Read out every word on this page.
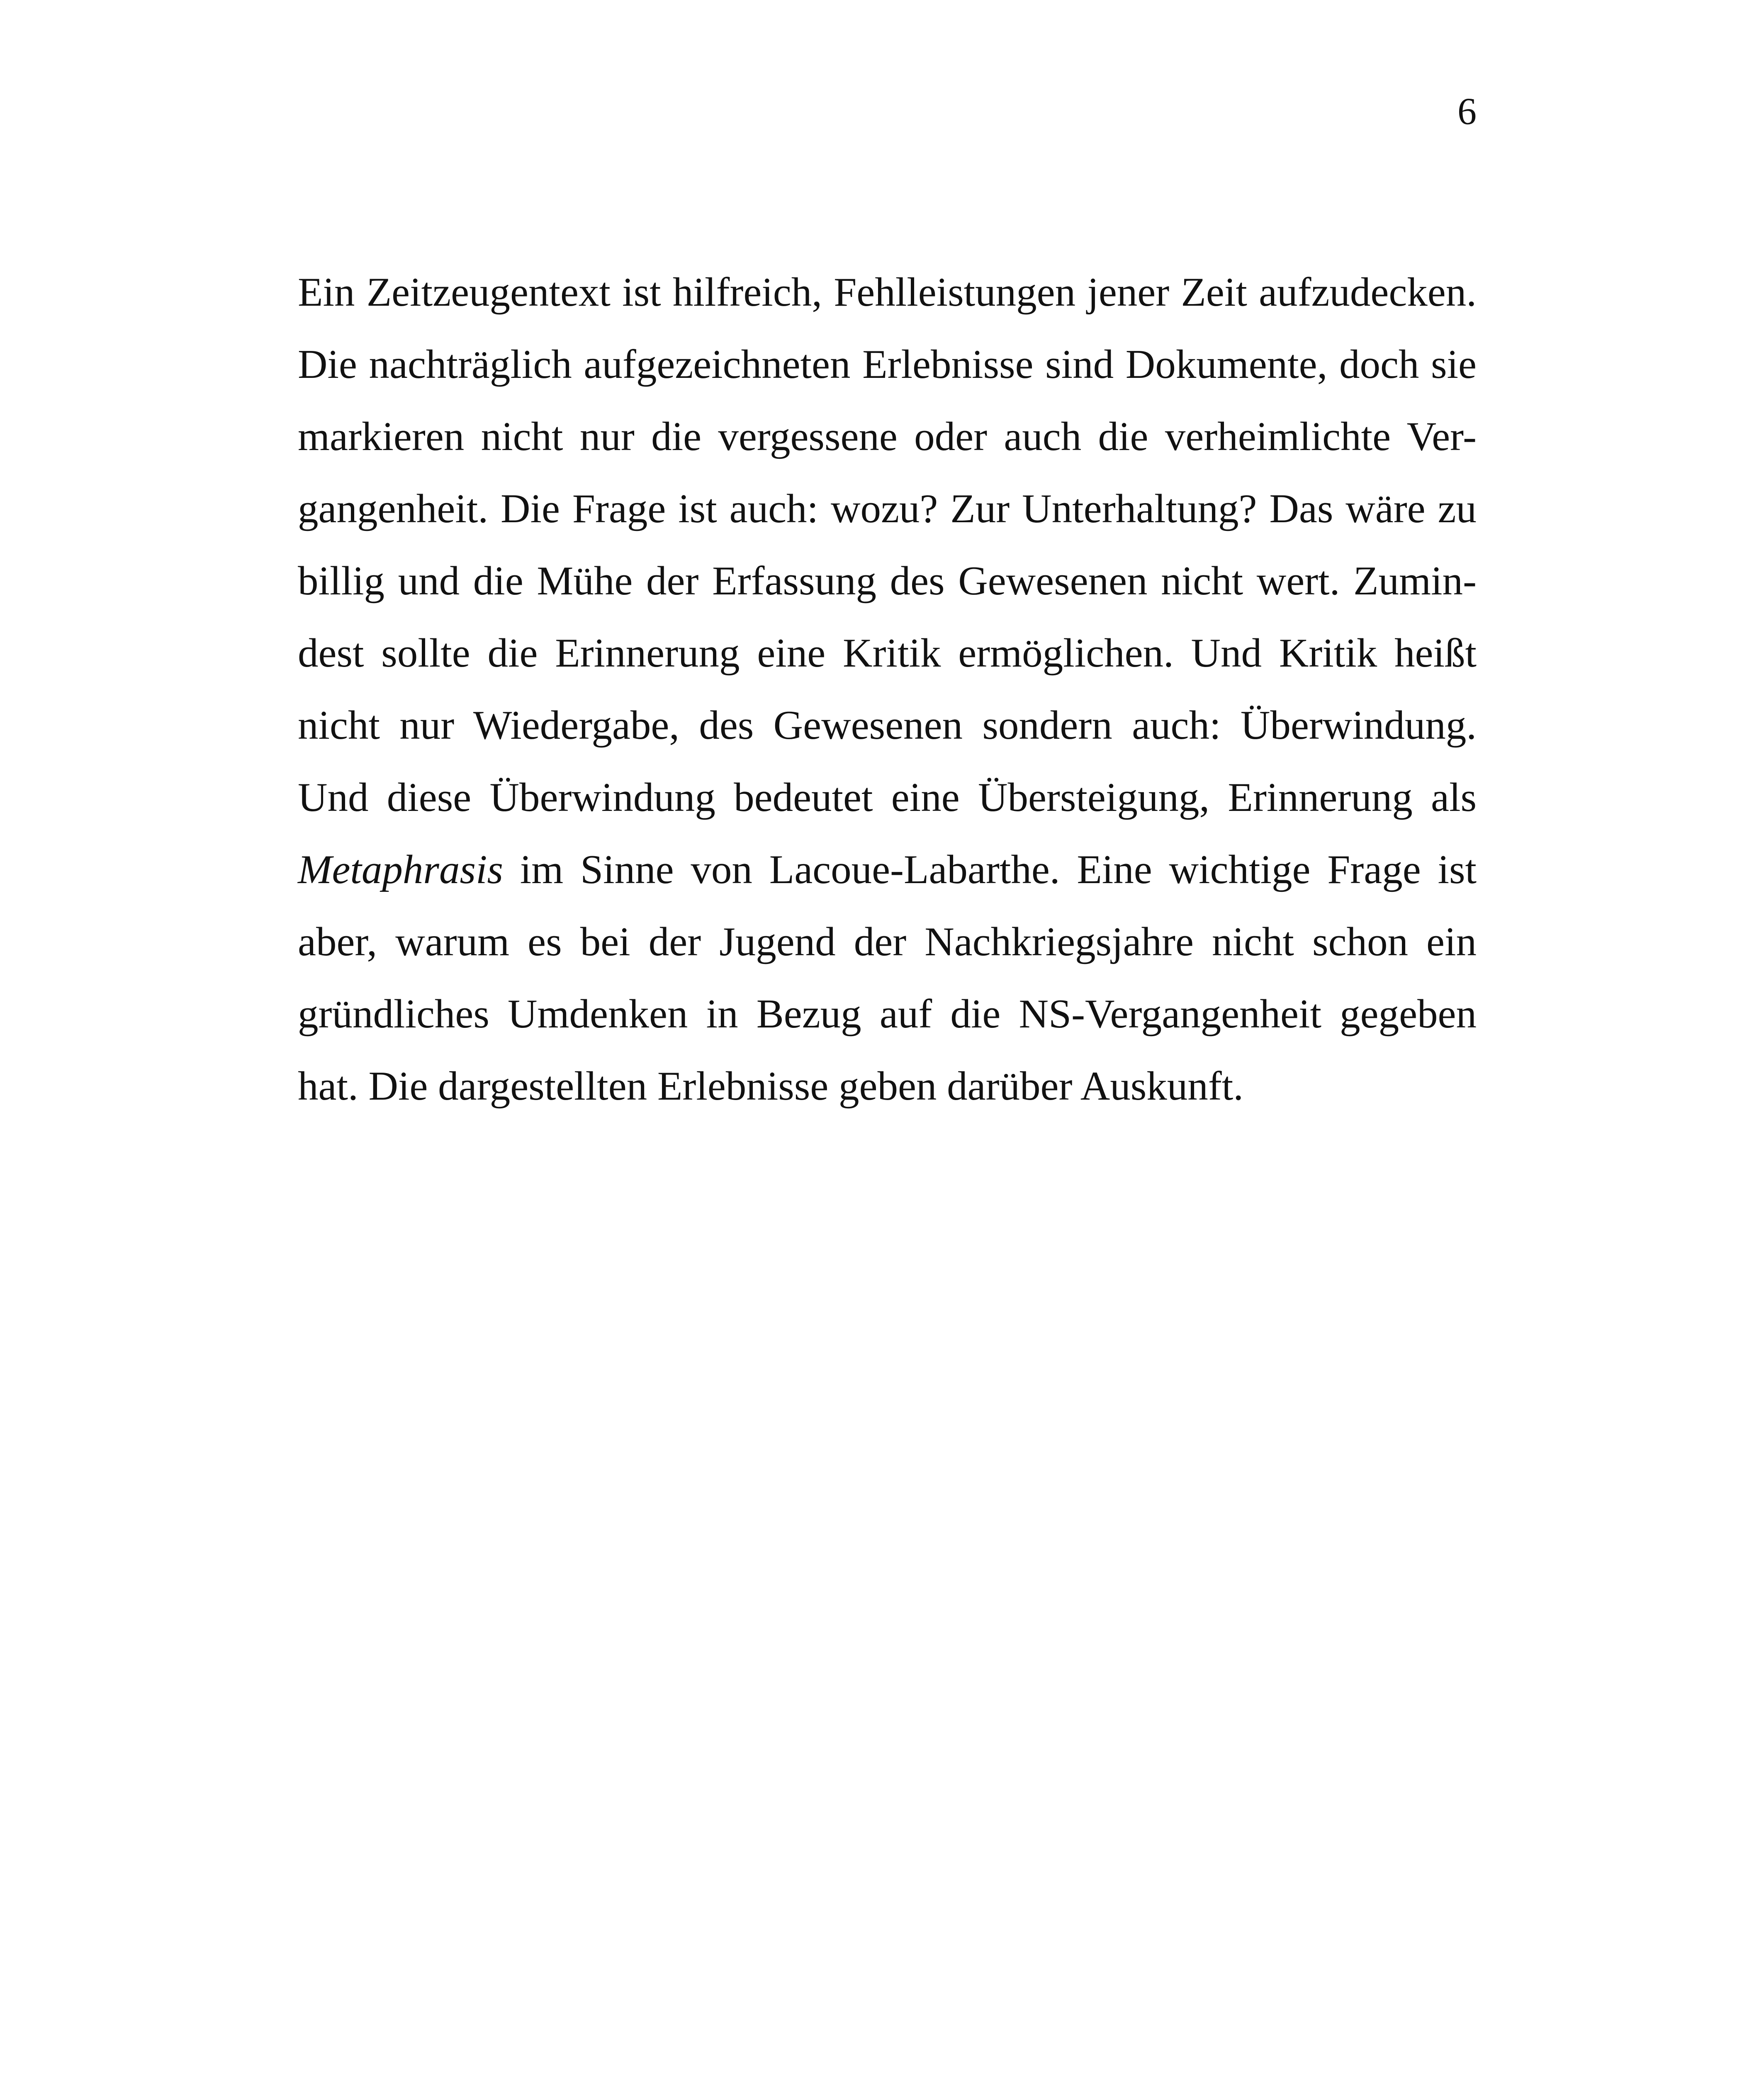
6
Ein Zeitzeugentext ist hilfreich, Fehlleistungen jener Zeit aufzudecken.
Die nachträglich aufgezeichneten Erlebnisse sind Dokumente, doch sie
markieren nicht nur die vergessene oder auch die verheimlichte Ver-
gangenheit. Die Frage ist auch: wozu? Zur Unterhaltung? Das wäre zu
billig und die Mühe der Erfassung des Gewesenen nicht wert. Zumin-
dest sollte die Erinnerung eine Kritik ermöglichen. Und Kritik heißt
nicht nur Wiedergabe, des Gewesenen sondern auch: Überwindung.
Und diese Überwindung bedeutet eine Übersteigung, Erinnerung als
Metaphrasis im Sinne von Lacoue-Labarthe. Eine wichtige Frage ist
aber, warum es bei der Jugend der Nachkriegsjahre nicht schon ein
gründliches Umdenken in Bezug auf die NS-Vergangenheit gegeben
hat. Die dargestellten Erlebnisse geben darüber Auskunft.
